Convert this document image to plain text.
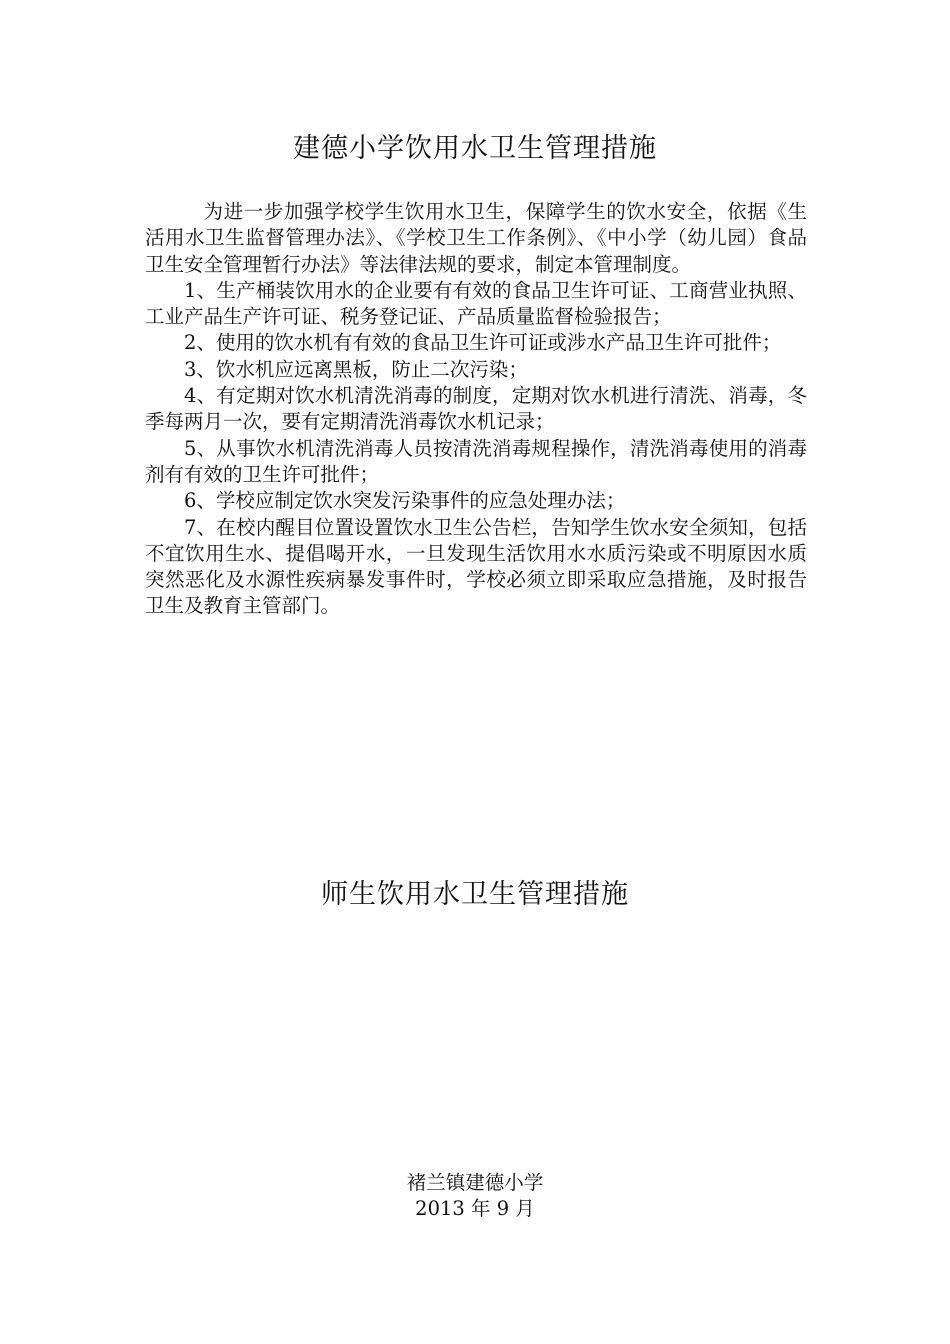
建德小学饮用水卫生管理措施

为进一步加强学校学生饮用水卫生，保障学生的饮水安全，依据《生活用水卫生监督管理办法》、《学校卫生工作条例》、《中小学（幼儿园）食品卫生安全管理暂行办法》等法律法规的要求，制定本管理制度。

1、生产桶装饮用水的企业要有有效的食品卫生许可证、工商营业执照、工业产品生产许可证、税务登记证、产品质量监督检验报告；

2、使用的饮水机有有效的食品卫生许可证或涉水产品卫生许可批件；

3、饮水机应远离黑板，防止二次污染；

4、有定期对饮水机清洗消毒的制度，定期对饮水机进行清洗、消毒，冬季每两月一次，要有定期清洗消毒饮水机记录；

5、从事饮水机清洗消毒人员按清洗消毒规程操作，清洗消毒使用的消毒剂有有效的卫生许可批件；

6、学校应制定饮水突发污染事件的应急处理办法；

7、在校内醒目位置设置饮水卫生公告栏，告知学生饮水安全须知，包括不宜饮用生水、提倡喝开水，一旦发现生活饮用水水质污染或不明原因水质突然恶化及水源性疾病暴发事件时，学校必须立即采取应急措施，及时报告卫生及教育主管部门。

师生饮用水卫生管理措施
褚兰镇建德小学
2013 年 9 月
